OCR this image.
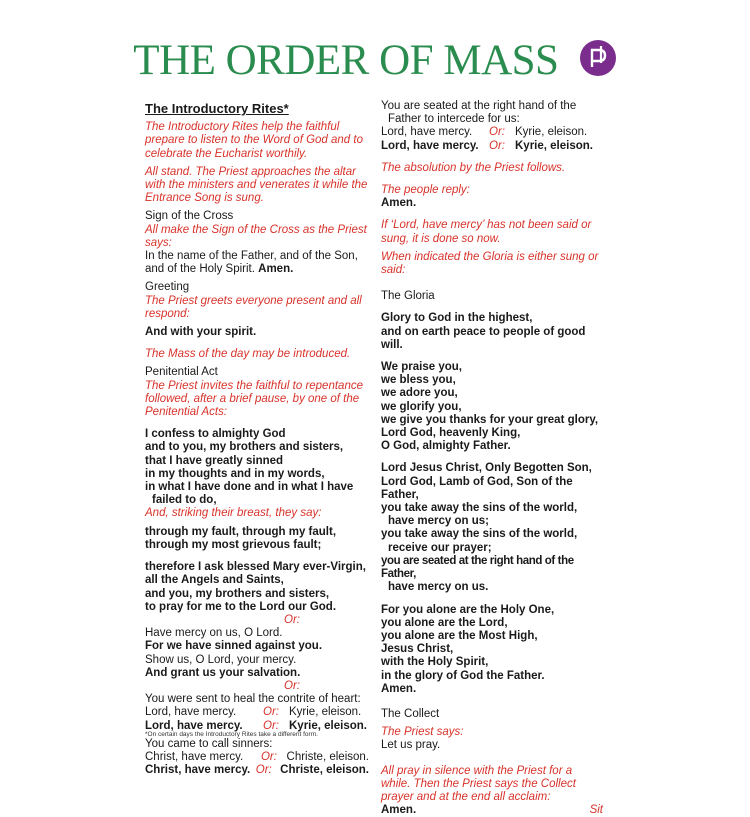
THE ORDER OF MASS

The Introductory Rites*

The Introductory Rites help the faithful prepare to listen to the Word of God and to celebrate the Eucharist worthily.

All stand. The Priest approaches the altar with the ministers and venerates it while the Entrance Song is sung.

Sign of the Cross

All make the Sign of the Cross as the Priest says:

In the name of the Father, and of the Son, and of the Holy Spirit. Amen.

Greeting

The Priest greets everyone present and all respond:

And with your spirit.

The Mass of the day may be introduced.

Penitential Act

The Priest invites the faithful to repentance followed, after a brief pause, by one of the Penitential Acts:

I confess to almighty God

and to you, my brothers and sisters,

that I have greatly sinned

in my thoughts and in my words,

in what I have done and in what I have

failed to do,

And, striking their breast, they say:

through my fault, through my fault,

through my most grievous fault;

therefore I ask blessed Mary ever-Virgin,

all the Angels and Saints,

and you, my brothers and sisters,

to pray for me to the Lord our God.

Or:

Have mercy on us, O Lord.

For we have sinned against you.

Show us, O Lord, your mercy.

And grant us your salvation.

Or:

You were sent to heal the contrite of heart:

Lord, have mercy.	Or: Kyrie, eleison.
Lord, have mercy.	Or: Kyrie, eleison.

You came to call sinners:

Christ, have mercy.	Or: Christe, eleison.
Christ, have mercy. Or: Christe, eleison.

You are seated at the right hand of the

Father to intercede for us:

Lord, have mercy.	Or: Kyrie, eleison.
Lord, have mercy. Or: Kyrie, eleison.

The absolution by the Priest follows.

The people reply:

Amen.

If ‘Lord, have mercy’ has not been said or sung, it is done so now.

When indicated the Gloria is either sung or said:

The Gloria

Glory to God in the highest,

and on earth peace to people of good will.

We praise you,

we bless you,

we adore you,

we glorify you,

we give you thanks for your great glory,

Lord God, heavenly King,

O God, almighty Father.

Lord Jesus Christ, Only Begotten Son,

Lord God, Lamb of God, Son of the Father,

you take away the sins of the world,

have mercy on us;

you take away the sins of the world,

receive our prayer;

you are seated at the right hand of the Father,

have mercy on us.

For you alone are the Holy One,

you alone are the Lord,

you alone are the Most High,

Jesus Christ,

with the Holy Spirit,

in the glory of God the Father.

Amen.

The Collect

The Priest says:

Let us pray.

All pray in silence with the Priest for a while. Then the Priest says the Collect prayer and at the end all acclaim:

Amen.	Sit

*On certain days the Introductory Rites take a different form.
